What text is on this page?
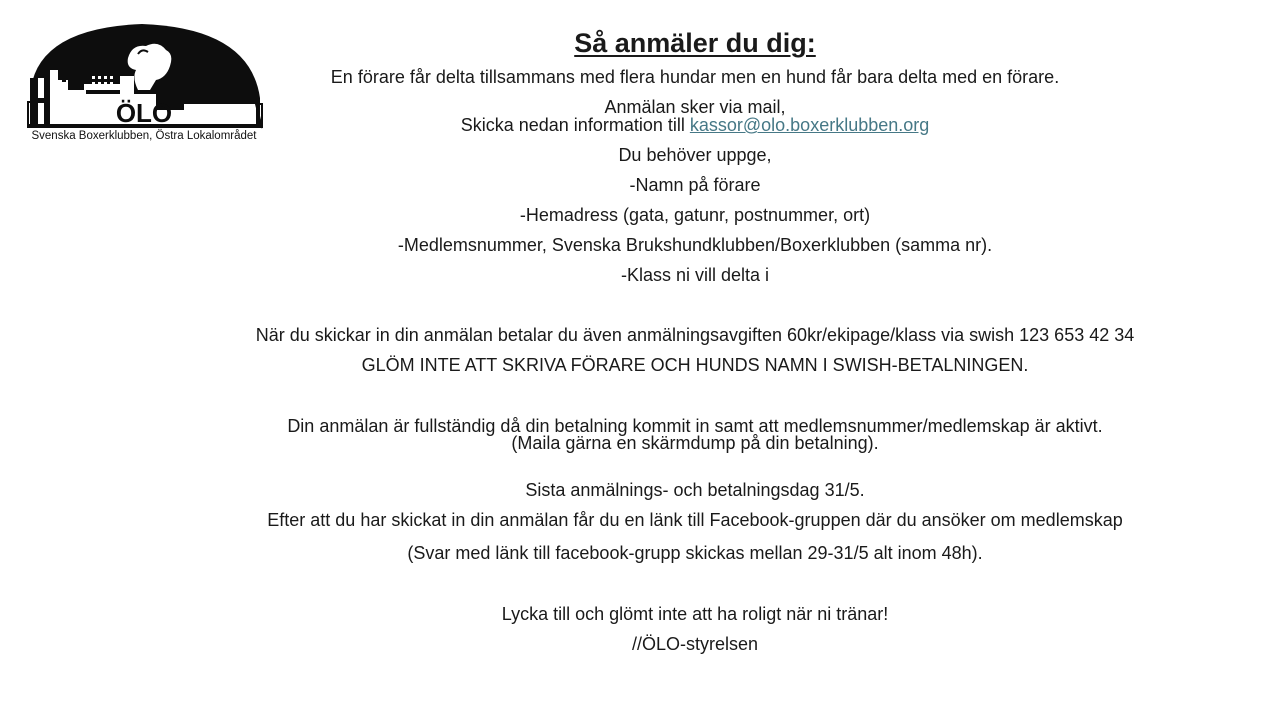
ÖLO
Svenska Boxerklubben, Östra Lokalområdet
Så anmäler du dig:
En förare får delta tillsammans med flera hundar men en hund får bara delta med en förare.
Anmälan sker via mail,
Skicka nedan information till kassor@olo.boxerklubben.org
Du behöver uppge,
-Namn på förare
-Hemadress (gata, gatunr, postnummer, ort)
-Medlemsnummer, Svenska Brukshundklubben/Boxerklubben (samma nr).
-Klass ni vill delta i
När du skickar in din anmälan betalar du även anmälningsavgiften 60kr/ekipage/klass via swish 123 653 42 34
GLÖM INTE ATT SKRIVA FÖRARE OCH HUNDS NAMN I SWISH-BETALNINGEN.
Din anmälan är fullständig då din betalning kommit in samt att medlemsnummer/medlemskap är aktivt.
(Maila gärna en skärmdump på din betalning).
Sista anmälnings- och betalningsdag 31/5.
Efter att du har skickat in din anmälan får du en länk till Facebook-gruppen där du ansöker om medlemskap
(Svar med länk till facebook-grupp skickas mellan 29-31/5 alt inom 48h).
Lycka till och glömt inte att ha roligt när ni tränar!
//ÖLO-styrelsen
